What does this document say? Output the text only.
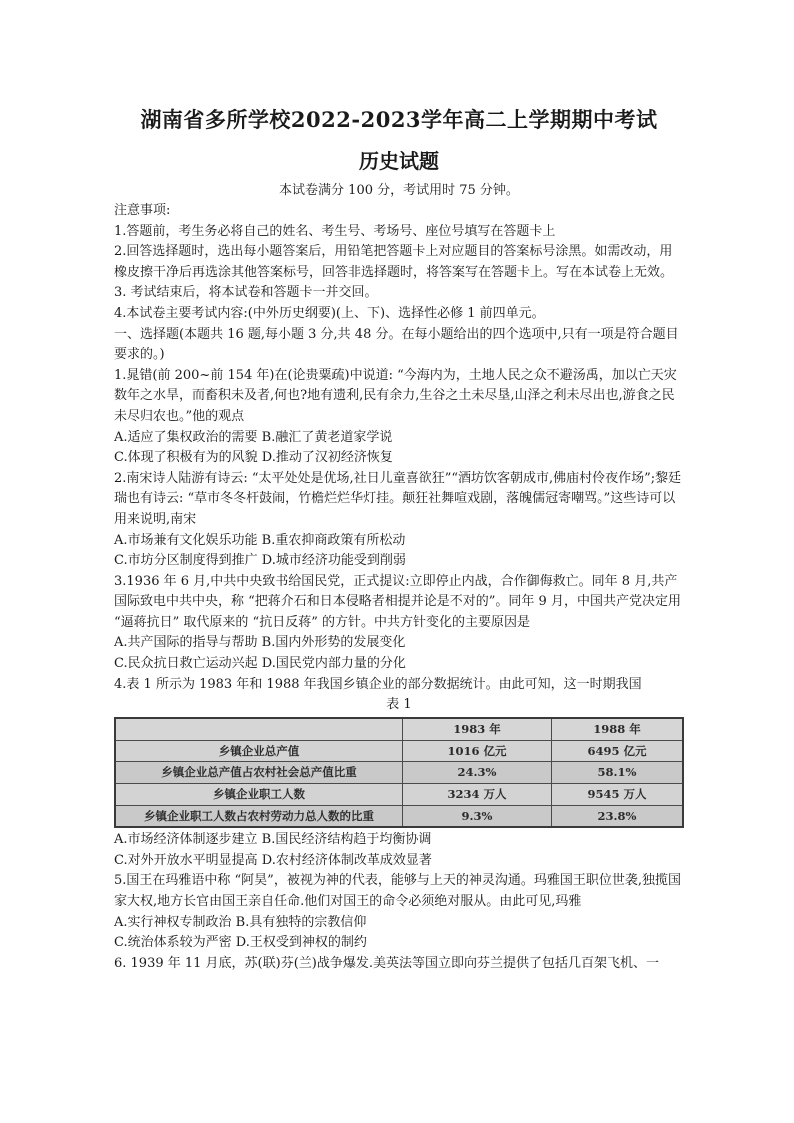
湖南省多所学校2022-2023学年高二上学期期中考试
历史试题
本试卷满分 100 分，考试用时 75 分钟。

注意事项:

1.答题前，考生务必将自己的姓名、考生号、考场号、座位号填写在答题卡上

2.回答选择题时，选出每小题答案后，用铅笔把答题卡上对应题目的答案标号涂黑。如需改动，用橡皮擦干净后再选涂其他答案标号，回答非选择题时，将答案写在答题卡上。写在本试卷上无效。

3. 考试结束后，将本试卷和答题卡一并交回。

4.本试卷主要考试内容:(中外历史纲要)(上、下)、选择性必修 1 前四单元。

一、选择题(本题共 16 题,每小题 3 分,共 48 分。在每小题给出的四个选项中,只有一项是符合题目要求的。)

1.晁错(前 200~前 154 年)在(论贵粟疏)中说道: “今海内为，土地人民之众不避汤禹，加以亡天灾数年之水旱，而畜积未及者,何也?地有遗利,民有余力,生谷之土未尽垦,山泽之利未尽出也,游食之民未尽归农也。”他的观点

A.适应了集权政治的需要 B.融汇了黄老道家学说

C.体现了积极有为的风貌 D.推动了汉初经济恢复

2.南宋诗人陆游有诗云: “太平处处是优场,社日儿童喜欲狂”“酒坊饮客朝成市,佛庙村伶夜作场”;黎廷瑞也有诗云: “草市冬冬杆鼓闹，竹檐烂烂华灯挂。颠狂社舞喧戏剧，落魄儒冠寄嘲骂。”这些诗可以用来说明,南宋

A.市场兼有文化娱乐功能 B.重农抑商政策有所松动

C.市坊分区制度得到推广 D.城市经济功能受到削弱

3.1936 年 6 月,中共中央致书给国民党，正式提议:立即停止内战，合作御侮救亡。同年 8 月,共产国际致电中共中央，称 “把蒋介石和日本侵略者相提并论是不对的”。同年 9 月，中国共产党决定用 “逼蒋抗日” 取代原来的 “抗日反蒋” 的方针。中共方针变化的主要原因是

A.共产国际的指导与帮助 B.国内外形势的发展变化

C.民众抗日救亡运动兴起 D.国民党内部力量的分化

4.表 1 所示为 1983 年和 1988 年我国乡镇企业的部分数据统计。由此可知，这一时期我国

表 1

	1983 年	1988 年
乡镇企业总产值	1016 亿元	6495 亿元
乡镇企业总产值占农村社会总产值比重	24.3%	58.1%
乡镇企业职工人数	3234 万人	9545 万人
乡镇企业职工人数占农村劳动力总人数的比重	9.3%	23.8%

A.市场经济体制逐步建立 B.国民经济结构趋于均衡协调

C.对外开放水平明显提高 D.农村经济体制改革成效显著

5.国王在玛雅语中称 “阿昊”，被视为神的代表，能够与上天的神灵沟通。玛雅国王职位世袭,独揽国家大权,地方长官由国王亲自任命.他们对国王的命令必须绝对服从。由此可见,玛雅

A.实行神权专制政治 B.具有独特的宗教信仰

C.统治体系较为严密 D.王权受到神权的制约

6. 1939 年 11 月底，苏(联)芬(兰)战争爆发.美英法等国立即向芬兰提供了包括几百架飞机、一
